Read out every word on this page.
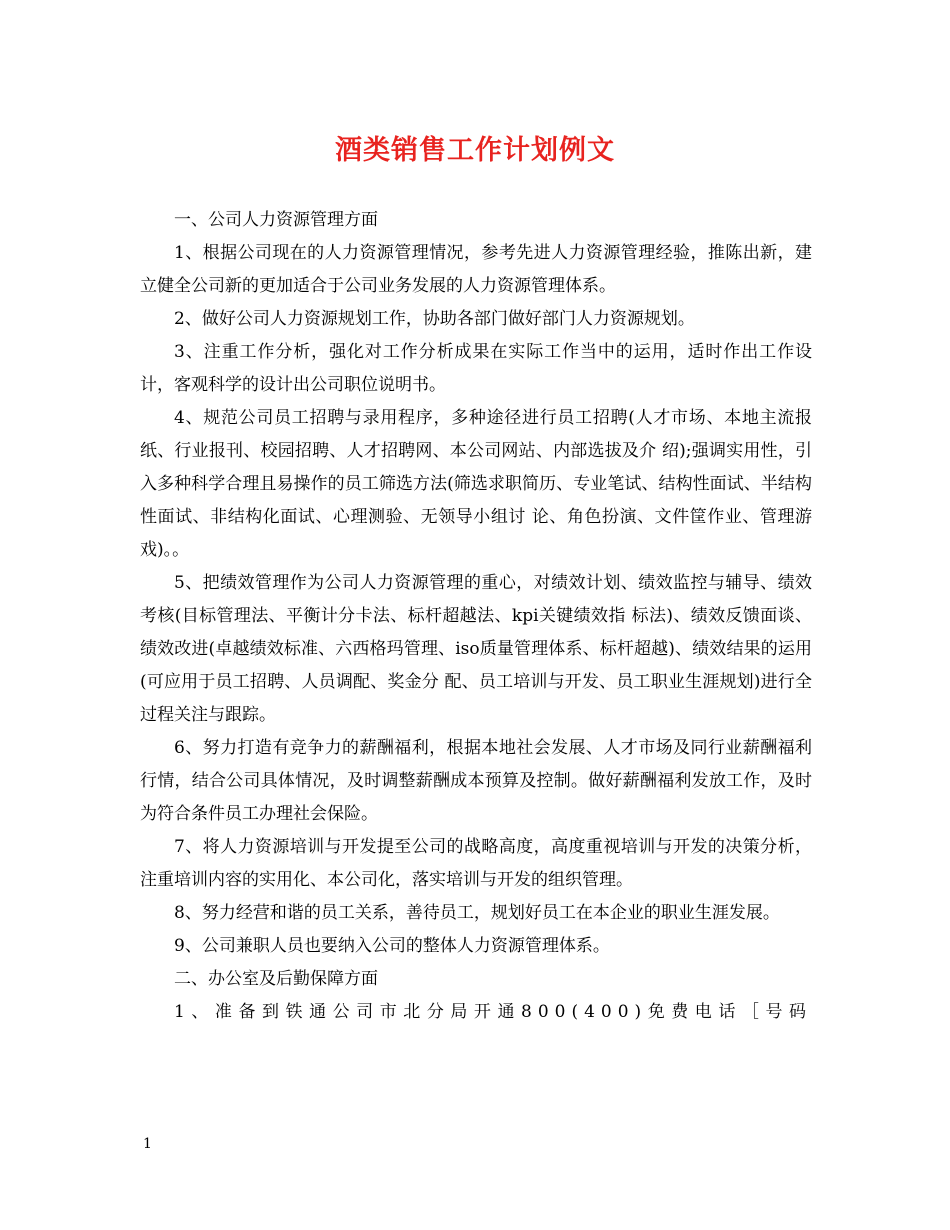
酒类销售工作计划例文

一、公司人力资源管理方面

1、根据公司现在的人力资源管理情况，参考先进人力资源管理经验，推陈出新，建立健全公司新的更加适合于公司业务发展的人力资源管理体系。

2、做好公司人力资源规划工作，协助各部门做好部门人力资源规划。

3、注重工作分析，强化对工作分析成果在实际工作当中的运用，适时作出工作设计，客观科学的设计出公司职位说明书。

4、规范公司员工招聘与录用程序，多种途径进行员工招聘(人才市场、本地主流报纸、行业报刊、校园招聘、人才招聘网、本公司网站、内部选拔及介 绍);强调实用性，引入多种科学合理且易操作的员工筛选方法(筛选求职简历、专业笔试、结构性面试、半结构性面试、非结构化面试、心理测验、无领导小组讨 论、角色扮演、文件筐作业、管理游戏)。。

5、把绩效管理作为公司人力资源管理的重心，对绩效计划、绩效监控与辅导、绩效考核(目标管理法、平衡计分卡法、标杆超越法、kpi关键绩效指 标法)、绩效反馈面谈、绩效改进(卓越绩效标准、六西格玛管理、iso质量管理体系、标杆超越)、绩效结果的运用(可应用于员工招聘、人员调配、奖金分 配、员工培训与开发、员工职业生涯规划)进行全过程关注与跟踪。

6、努力打造有竞争力的薪酬福利，根据本地社会发展、人才市场及同行业薪酬福利行情，结合公司具体情况，及时调整薪酬成本预算及控制。做好薪酬福利发放工作，及时为符合条件员工办理社会保险。

7、将人力资源培训与开发提至公司的战略高度，高度重视培训与开发的决策分析，注重培训内容的实用化、本公司化，落实培训与开发的组织管理。

8、努力经营和谐的员工关系，善待员工，规划好员工在本企业的职业生涯发展。

9、公司兼职人员也要纳入公司的整体人力资源管理体系。

二、办公室及后勤保障方面

1、准备到铁通公司市北分局开通800(400)免费电话［号码

1
